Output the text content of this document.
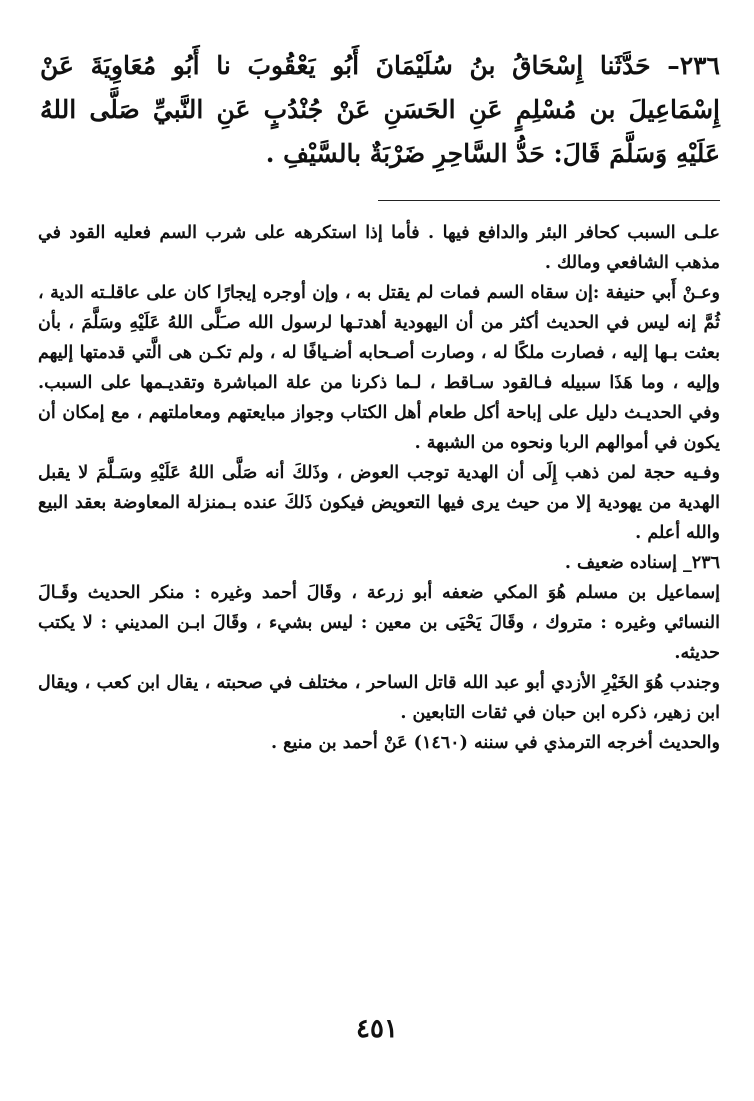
٢٣٦– حَدَّثَنا إِسْحَاقُ بنُ سُلَيْمَانَ أَبُو يَعْقُوبَ نا أَبُو مُعَاوِيَةَ عَنْ إِسْمَاعِيلَ بن مُسْلِمٍ عَنِ الحَسَنِ عَنْ جُنْدُبٍ عَنِ النَّبيِّ صَلَّى اللهُ عَلَيْهِ وَسَلَّمَ قَالَ: حَدُّ السَّاحِرِ ضَرْبَةٌ بالسَّيْفِ .

علـى السبب كحافر البئر والدافع فيها . فأما إذا استكرهه على شرب السم فعليه القود في مذهب الشافعي ومالك .

وعـنْ أَبي حنيفة :إن سقاه السم فمات لم يقتل به ، وإن أوجره إيجارًا كان على عاقلـته الدية ، ثُمَّ إنه ليس في الحديث أكثر من أن اليهودية أهدتـها لرسول الله صـَلَّى اللهُ عَلَيْهِ وسَلَّمَ ، بأن بعثت بـها إليه ، فصارت ملكًا له ، وصارت أصـحابه أضـيافًا له ، ولم تكـن هى الَّتي قدمتها إليهم وإليه ، وما هَذَا سبيله فـالقود سـاقط ، لـما ذكرنا من علة المباشرة وتقديـمها على السبب. وفي الحديـث دليل على إباحة أكل طعام أهل الكتاب وجواز مبايعتهم ومعاملتهم ، مع إمكان أن يكون في أموالهم الربا ونحوه من الشبهة .

وفـيه حجة لمن ذهب إِلَى أن الهدية توجب العوض ، وذَلكَ أنه صَلَّى اللهُ عَلَيْهِ وسَـلَّمَ لا يقبل الهدية من يهودية إلا من حيث يرى فيها التعويض فيكون ذَلكَ عنده بـمنزلة المعاوضة بعقد البيع والله أعلم .

٢٣٦_ إسناده ضعيف .

إسماعيل بن مسلم هُوَ المكي ضعفه أبو زرعة ، وقَالَ أحمد وغيره : منكر الحديث وقَـالَ النسائي وغيره : متروك ، وقَالَ يَحْيَى بن معين : ليس بشيء ، وقَالَ ابـن المديني : لا يكتب حديثه.

وجندب هُوَ الخَيْرِ الأزدي أبو عبد الله قاتل الساحر ، مختلف في صحبته ، يقال ابن كعب ، ويقال ابن زهير، ذكره ابن حبان في ثقات التابعين .

والحديث أخرجه الترمذي في سننه (١٤٦٠) عَنْ أحمد بن منيع .

٤٥١
